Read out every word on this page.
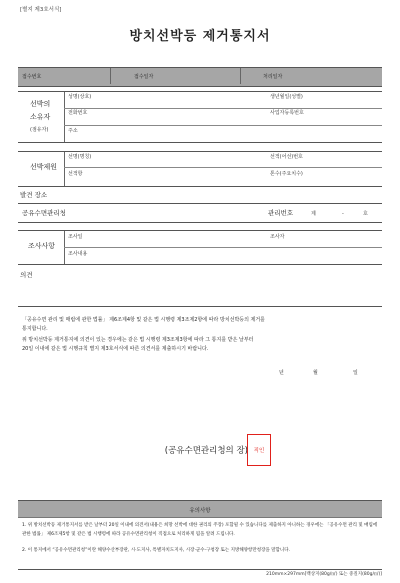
[별지 제3호서식]
방치선박등 제거통지서
접수번호	접수일자	처리일자
선박의
소유자
(점유자)
성명(상호)	생년월일(성별)
전화번호	사업자등록번호
주소
선박제원
선명(명칭)	선적(어선)번호
선적항	톤수(주요치수)
발견 장소
공유수면관리청	관리번호	제	-	호
조사사항
조사일	조사자
조사내용
의견
「공유수면 관리 및 매립에 관한 법률」 제6조제4항 및 같은 법 시행령 제3조제2항에 따라 방치선박등의 제거를
통지합니다.
위 방치선박등 제거통지에 의견이 있는 경우에는 같은 법 시행령 제3조제3항에 따라 그 통지를 받은 날부터
20일 이내에 같은 법 시행규칙 별지 제3호서식에 따른 의견서를 제출하시기 바랍니다.
년	월	일
(공유수면관리청의 장)	직인
유의사항
1. 위 방치선박등 제거통지서를 받은 날부터 20일 이내에 의견서(내용은 희망 선박에 대한 권리의 주장) 포함될 수 있습니다를 제출하지 아니하는 경우에는 「공유수면 관리 및 매립에 관한 법률」 제6조제5항 및 같은 법 시행령에 따라 공유수면관리청이 직접으로 처리하게 됨을 알려 드립니다.
2. 이 통지에서 “공유수면관리청”이란 해양수산부장관, 시·도지사, 특별자치도지사, 시장·군수·구청장 또는 지방해양항만청장을 말합니다.
210mm×297mm[백상지(80g/㎡) 또는 중질지(80g/㎡)]
